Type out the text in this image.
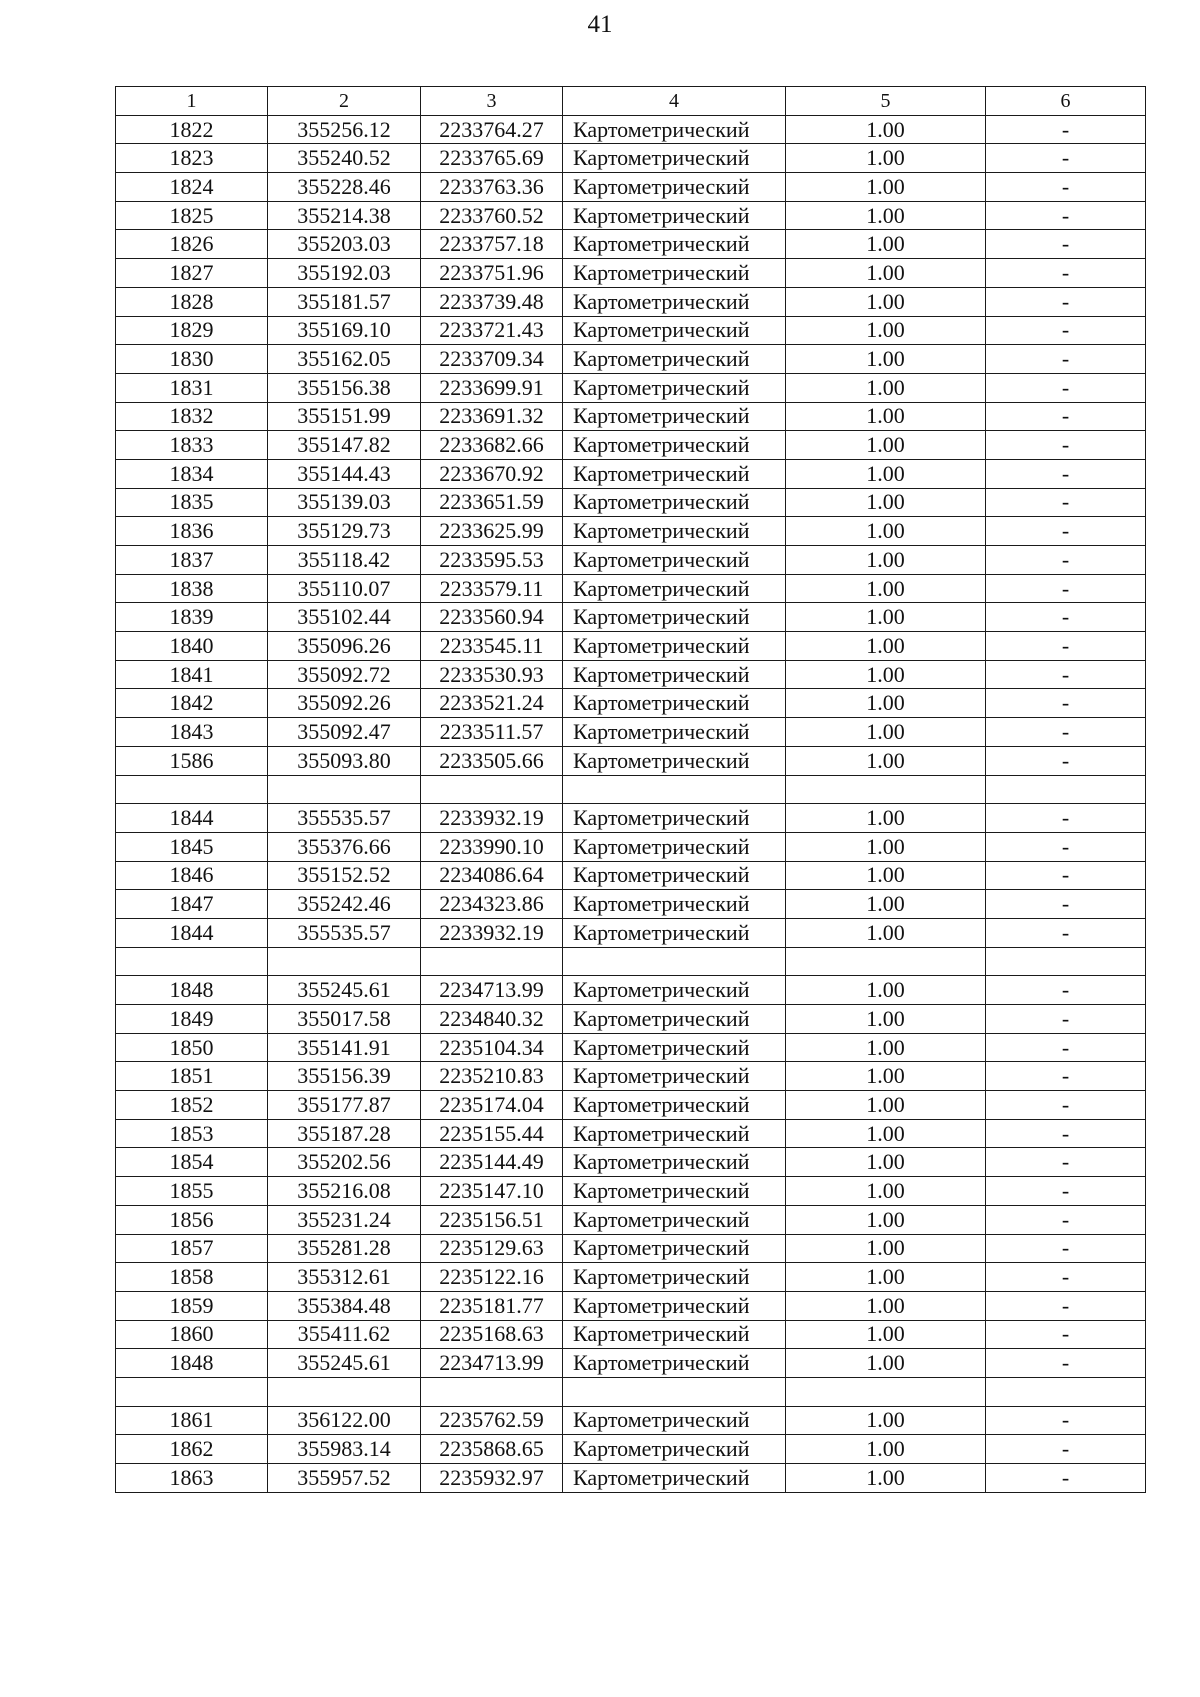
41
1	2	3	4	5	6
1822	355256.12	2233764.27	Картометрический	1.00	-
1823	355240.52	2233765.69	Картометрический	1.00	-
1824	355228.46	2233763.36	Картометрический	1.00	-
1825	355214.38	2233760.52	Картометрический	1.00	-
1826	355203.03	2233757.18	Картометрический	1.00	-
1827	355192.03	2233751.96	Картометрический	1.00	-
1828	355181.57	2233739.48	Картометрический	1.00	-
1829	355169.10	2233721.43	Картометрический	1.00	-
1830	355162.05	2233709.34	Картометрический	1.00	-
1831	355156.38	2233699.91	Картометрический	1.00	-
1832	355151.99	2233691.32	Картометрический	1.00	-
1833	355147.82	2233682.66	Картометрический	1.00	-
1834	355144.43	2233670.92	Картометрический	1.00	-
1835	355139.03	2233651.59	Картометрический	1.00	-
1836	355129.73	2233625.99	Картометрический	1.00	-
1837	355118.42	2233595.53	Картометрический	1.00	-
1838	355110.07	2233579.11	Картометрический	1.00	-
1839	355102.44	2233560.94	Картометрический	1.00	-
1840	355096.26	2233545.11	Картометрический	1.00	-
1841	355092.72	2233530.93	Картометрический	1.00	-
1842	355092.26	2233521.24	Картометрический	1.00	-
1843	355092.47	2233511.57	Картометрический	1.00	-
1586	355093.80	2233505.66	Картометрический	1.00	-

1844	355535.57	2233932.19	Картометрический	1.00	-
1845	355376.66	2233990.10	Картометрический	1.00	-
1846	355152.52	2234086.64	Картометрический	1.00	-
1847	355242.46	2234323.86	Картометрический	1.00	-
1844	355535.57	2233932.19	Картометрический	1.00	-

1848	355245.61	2234713.99	Картометрический	1.00	-
1849	355017.58	2234840.32	Картометрический	1.00	-
1850	355141.91	2235104.34	Картометрический	1.00	-
1851	355156.39	2235210.83	Картометрический	1.00	-
1852	355177.87	2235174.04	Картометрический	1.00	-
1853	355187.28	2235155.44	Картометрический	1.00	-
1854	355202.56	2235144.49	Картометрический	1.00	-
1855	355216.08	2235147.10	Картометрический	1.00	-
1856	355231.24	2235156.51	Картометрический	1.00	-
1857	355281.28	2235129.63	Картометрический	1.00	-
1858	355312.61	2235122.16	Картометрический	1.00	-
1859	355384.48	2235181.77	Картометрический	1.00	-
1860	355411.62	2235168.63	Картометрический	1.00	-
1848	355245.61	2234713.99	Картометрический	1.00	-

1861	356122.00	2235762.59	Картометрический	1.00	-
1862	355983.14	2235868.65	Картометрический	1.00	-
1863	355957.52	2235932.97	Картометрический	1.00	-
